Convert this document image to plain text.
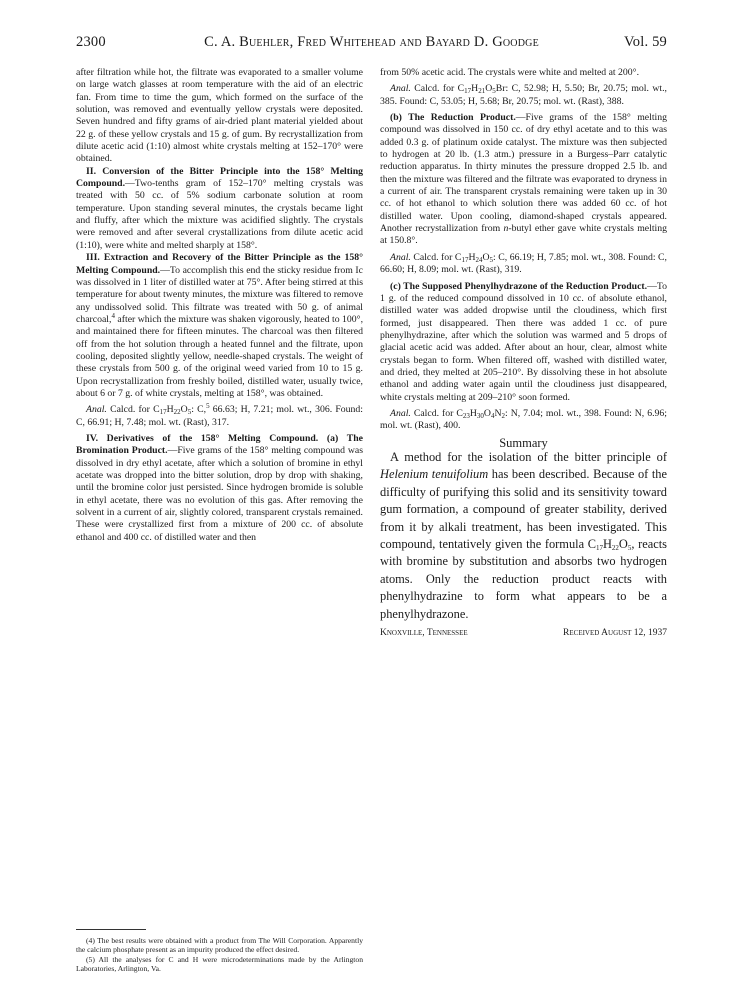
2300	C. A. Buehler, Fred Whitehead and Bayard D. Goodge	Vol. 59

after filtration while hot, the filtrate was evaporated to a smaller volume on large watch glasses at room temperature with the aid of an electric fan. From time to time the gum, which formed on the surface of the solution, was removed and eventually yellow crystals were deposited. Seven hundred and fifty grams of air-dried plant material yielded about 22 g. of these yellow crystals and 15 g. of gum. By recrystallization from dilute acetic acid (1:10) almost white crystals melting at 152–170° were obtained.

II. Conversion of the Bitter Principle into the 158° Melting Compound.—Two-tenths gram of 152–170° melting crystals was treated with 50 cc. of 5% sodium carbonate solution at room temperature. Upon standing several minutes, the crystals became light and fluffy, after which the mixture was acidified slightly. The crystals were removed and after several crystallizations from dilute acetic acid (1:10), were white and melted sharply at 158°.

III. Extraction and Recovery of the Bitter Principle as the 158° Melting Compound.—To accomplish this end the sticky residue from Ic was dissolved in 1 liter of distilled water at 75°. After being stirred at this temperature for about twenty minutes, the mixture was filtered to remove any undissolved solid. This filtrate was treated with 50 g. of animal charcoal,$^4$ after which the mixture was shaken vigorously, heated to 100°, and maintained there for fifteen minutes. The charcoal was then filtered off from the hot solution through a heated funnel and the filtrate, upon cooling, deposited slightly yellow, needle-shaped crystals. The weight of these crystals from 500 g. of the original weed varied from 10 to 15 g. Upon recrystallization from freshly boiled, distilled water, usually twice, about 6 or 7 g. of white crystals, melting at 158°, was obtained.

Anal. Calcd. for $C_{17}H_{22}O_5$: C,$^5$ 66.63; H, 7.21; mol. wt., 306. Found: C, 66.91; H, 7.48; mol. wt. (Rast), 317.

IV. Derivatives of the 158° Melting Compound. (a) The Bromination Product.—Five grams of the 158° melting compound was dissolved in dry ethyl acetate, after which a solution of bromine in ethyl acetate was dropped into the bitter solution, drop by drop with shaking, until the bromine color just persisted. Since hydrogen bromide is soluble in ethyl acetate, there was no evolution of this gas. After removing the solvent in a current of air, slightly colored, transparent crystals remained. These were crystallized first from a mixture of 200 cc. of absolute ethanol and 400 cc. of distilled water and then

from 50% acetic acid. The crystals were white and melted at 200°.

Anal. Calcd. for $C_{17}H_{21}O_5Br$: C, 52.98; H, 5.50; Br, 20.75; mol. wt., 385. Found: C, 53.05; H, 5.68; Br, 20.75; mol. wt. (Rast), 388.

(b) The Reduction Product.—Five grams of the 158° melting compound was dissolved in 150 cc. of dry ethyl acetate and to this was added 0.3 g. of platinum oxide catalyst. The mixture was then subjected to hydrogen at 20 lb. (1.3 atm.) pressure in a Burgess–Parr catalytic reduction apparatus. In thirty minutes the pressure dropped 2.5 lb. and then the mixture was filtered and the filtrate was evaporated to dryness in a current of air. The transparent crystals remaining were taken up in 30 cc. of hot ethanol to which solution there was added 60 cc. of hot distilled water. Upon cooling, diamond-shaped crystals appeared. Another recrystallization from n-butyl ether gave white crystals melting at 150.8°.

Anal. Calcd. for $C_{17}H_{24}O_5$: C, 66.19; H, 7.85; mol. wt., 308. Found: C, 66.60; H, 8.09; mol. wt. (Rast), 319.

(c) The Supposed Phenylhydrazone of the Reduction Product.—To 1 g. of the reduced compound dissolved in 10 cc. of absolute ethanol, distilled water was added dropwise until the cloudiness, which first formed, just disappeared. Then there was added 1 cc. of pure phenylhydrazine, after which the solution was warmed and 5 drops of glacial acetic acid was added. After about an hour, clear, almost white crystals began to form. When filtered off, washed with distilled water, and dried, they melted at 205–210°. By dissolving these in hot absolute ethanol and adding water again until the cloudiness just disappeared, white crystals melting at 209–210° soon formed.

Anal. Calcd. for $C_{23}H_{30}O_4N_2$: N, 7.04; mol. wt., 398. Found: N, 6.96; mol. wt. (Rast), 400.

Summary

A method for the isolation of the bitter principle of Helenium tenuifolium has been described. Because of the difficulty of purifying this solid and its sensitivity toward gum formation, a compound of greater stability, derived from it by alkali treatment, has been investigated. This compound, tentatively given the formula $C_{17}H_{22}O_5$, reacts with bromine by substitution and absorbs two hydrogen atoms. Only the reduction product reacts with phenylhydrazine to form what appears to be a phenylhydrazone.

Knoxville, Tennessee	Received August 12, 1937

(4) The best results were obtained with a product from The Will Corporation. Apparently the calcium phosphate present as an impurity produced the effect desired.

(5) All the analyses for C and H were microdeterminations made by the Arlington Laboratories, Arlington, Va.
